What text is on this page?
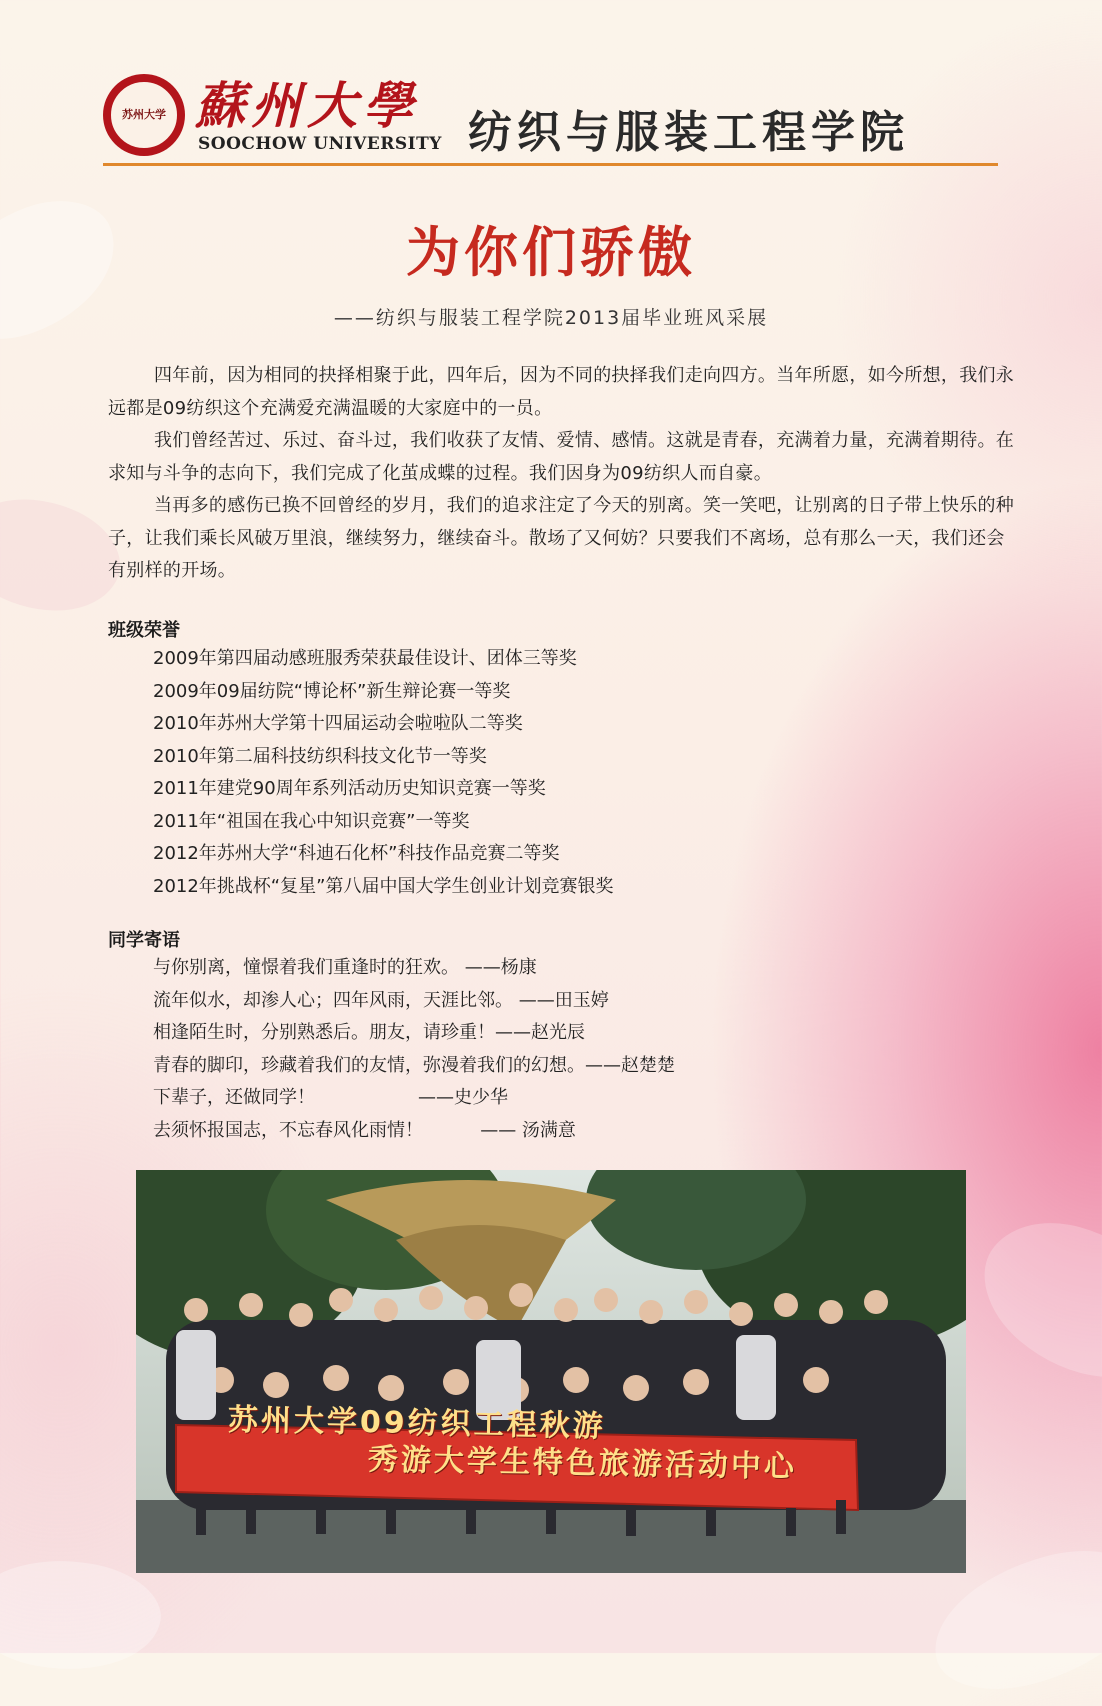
苏州大学 蘇州大學
SOOCHOW UNIVERSITY 纺织与服装工程学院
为你们骄傲
——纺织与服装工程学院2013届毕业班风采展

四年前，因为相同的抉择相聚于此，四年后，因为不同的抉择我们走向四方。当年所愿，如今所想，我们永远都是09纺织这个充满爱充满温暖的大家庭中的一员。

我们曾经苦过、乐过、奋斗过，我们收获了友情、爱情、感情。这就是青春，充满着力量，充满着期待。在求知与斗争的志向下，我们完成了化茧成蝶的过程。我们因身为09纺织人而自豪。

当再多的感伤已换不回曾经的岁月，我们的追求注定了今天的别离。笑一笑吧，让别离的日子带上快乐的种子，让我们乘长风破万里浪，继续努力，继续奋斗。散场了又何妨？只要我们不离场，总有那么一天，我们还会有别样的开场。

班级荣誉
2009年第四届动感班服秀荣获最佳设计、团体三等奖
2009年09届纺院“博论杯”新生辩论赛一等奖
2010年苏州大学第十四届运动会啦啦队二等奖
2010年第二届科技纺织科技文化节一等奖
2011年建党90周年系列活动历史知识竞赛一等奖
2011年“祖国在我心中知识竞赛”一等奖
2012年苏州大学“科迪石化杯”科技作品竞赛二等奖
2012年挑战杯“复星”第八届中国大学生创业计划竞赛银奖
同学寄语
与你别离，憧憬着我们重逢时的狂欢。 ——杨康
流年似水，却渗人心；四年风雨，天涯比邻。 ——田玉婷
相逢陌生时，分别熟悉后。朋友，请珍重！——赵光辰
青春的脚印，珍藏着我们的友情，弥漫着我们的幻想。——赵楚楚
下辈子，还做同学！                  ——史少华
去须怀报国志，不忘春风化雨情！          —— 汤满意
苏州大学09纺织工程秋游
秀游大学生特色旅游活动中心
